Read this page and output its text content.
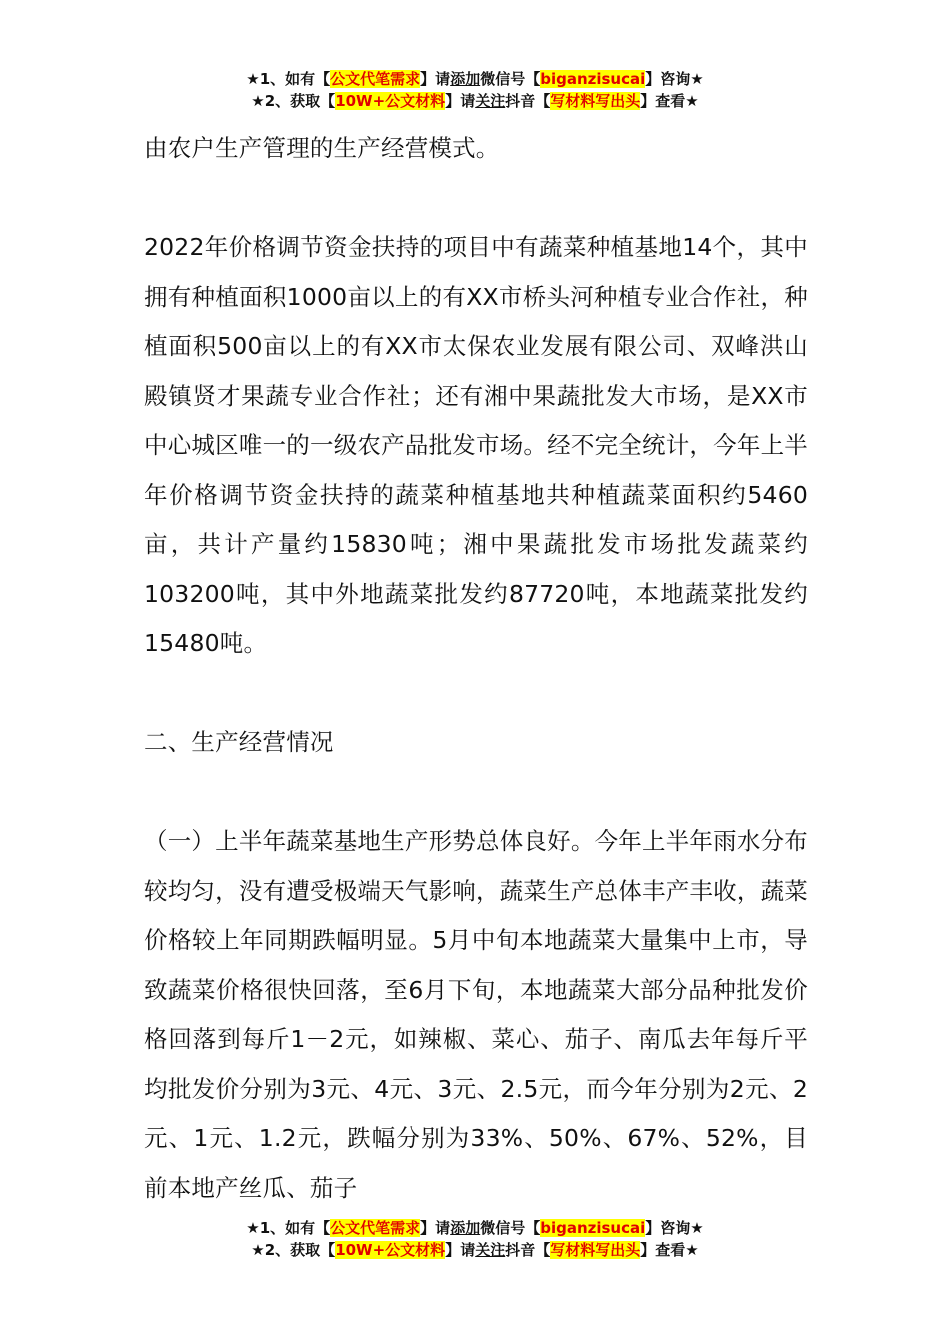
★1、如有【公文代笔需求】请添加微信号【biganzisucai】咨询★
★2、获取【10W+公文材料】请关注抖音【写材料写出头】查看★

由农户生产管理的生产经营模式。

2022年价格调节资金扶持的项目中有蔬菜种植基地14个，其中拥有种植面积1000亩以上的有XX市桥头河种植专业合作社，种植面积500亩以上的有XX市太保农业发展有限公司、双峰洪山殿镇贤才果蔬专业合作社；还有湘中果蔬批发大市场，是XX市中心城区唯一的一级农产品批发市场。经不完全统计，今年上半年价格调节资金扶持的蔬菜种植基地共种植蔬菜面积约5460亩，共计产量约15830吨；湘中果蔬批发市场批发蔬菜约103200吨，其中外地蔬菜批发约87720吨，本地蔬菜批发约15480吨。

二、生产经营情况

（一）上半年蔬菜基地生产形势总体良好。今年上半年雨水分布较均匀，没有遭受极端天气影响，蔬菜生产总体丰产丰收，蔬菜价格较上年同期跌幅明显。5月中旬本地蔬菜大量集中上市，导致蔬菜价格很快回落，至6月下旬，本地蔬菜大部分品种批发价格回落到每斤1－2元，如辣椒、菜心、茄子、南瓜去年每斤平均批发价分别为3元、4元、3元、2.5元，而今年分别为2元、2元、1元、1.2元，跌幅分别为33%、50%、67%、52%，目前本地产丝瓜、茄子

★1、如有【公文代笔需求】请添加微信号【biganzisucai】咨询★
★2、获取【10W+公文材料】请关注抖音【写材料写出头】查看★
